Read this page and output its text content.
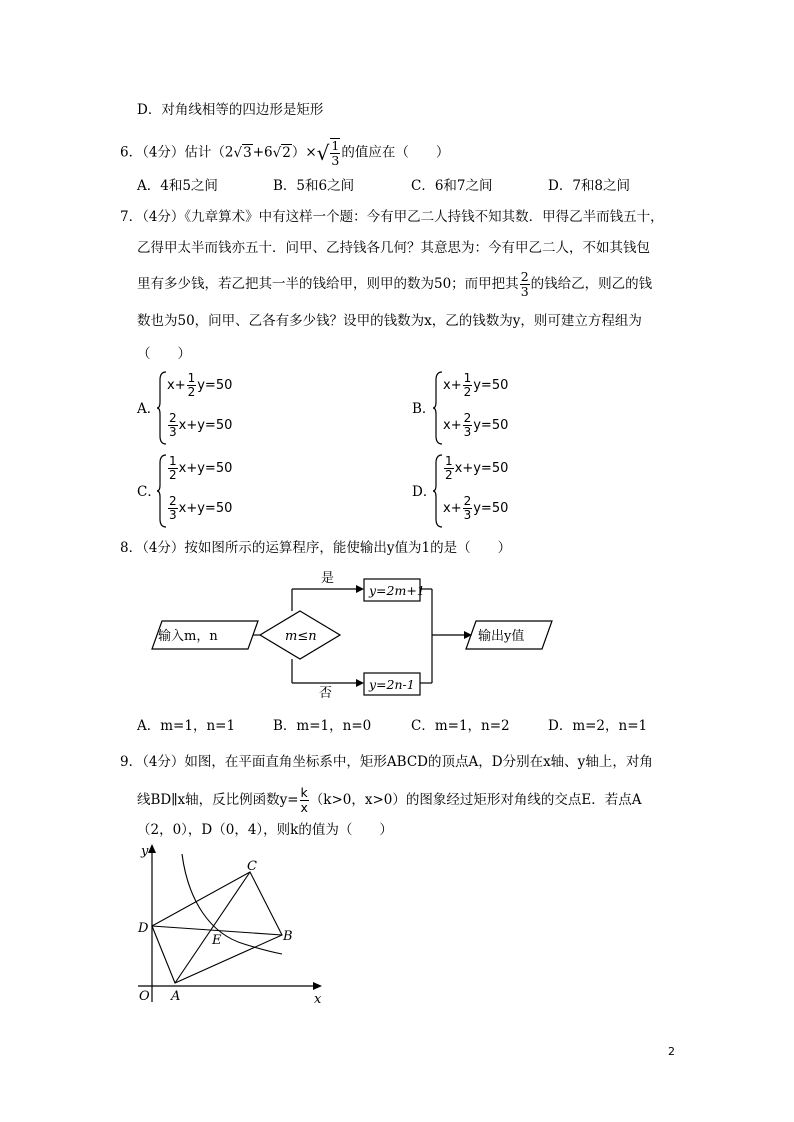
D．对角线相等的四边形是矩形
6．（4分）估计$(2√3+6√2)\times√ \frac{1}{3}$ 的值应在（　　）
A．4和5之间	B．5和6之间	C．6和7之间	D．7和8之间
7．（4分）《九章算术》中有这样一个题：今有甲乙二人持钱不知其数．甲得乙半而钱五十，
乙得甲太半而钱亦五十．问甲、乙持钱各几何？其意思为：今有甲乙二人，不如其钱包
里有多少钱，若乙把其一半的钱给甲，则甲的数为50；而甲把其 $\frac{2}{3}$ 的钱给乙，则乙的钱
数也为50，问甲、乙各有多少钱？设甲的钱数为x，乙的钱数为y，则可建立方程组为
（　　）
A．
$x+ \frac{1}{2} y=50$
$\frac{2}{3} x+y=50$
B．
$x+ \frac{1}{2} y=50$
$x+ \frac{2}{3} y=50$
C．
$\frac{1}{2} x+y=50$
$\frac{2}{3} x+y=50$
D．
$\frac{1}{2} x+y=50$
$x+ \frac{2}{3} y=50$
8．（4分）按如图所示的运算程序，能使输出y值为1的是（　　）
输入m，n	m≤n
是
y=2m+1
否
y=2n-1
输出y值
A．m=1，n=1	B．m=1，n=0	C．m=1，n=2	D．m=2，n=1
9．（4分）如图，在平面直角坐标系中，矩形ABCD的顶点A，D分别在x轴、y轴上，对角
线BD∥x轴，反比例函数$y= \frac{k}{x} (k>0$，x>0）的图象经过矩形对角线的交点E．若点A
（2，0），D（0，4），则k的值为（　　）
y
x
O A
B
C
D
E
2
